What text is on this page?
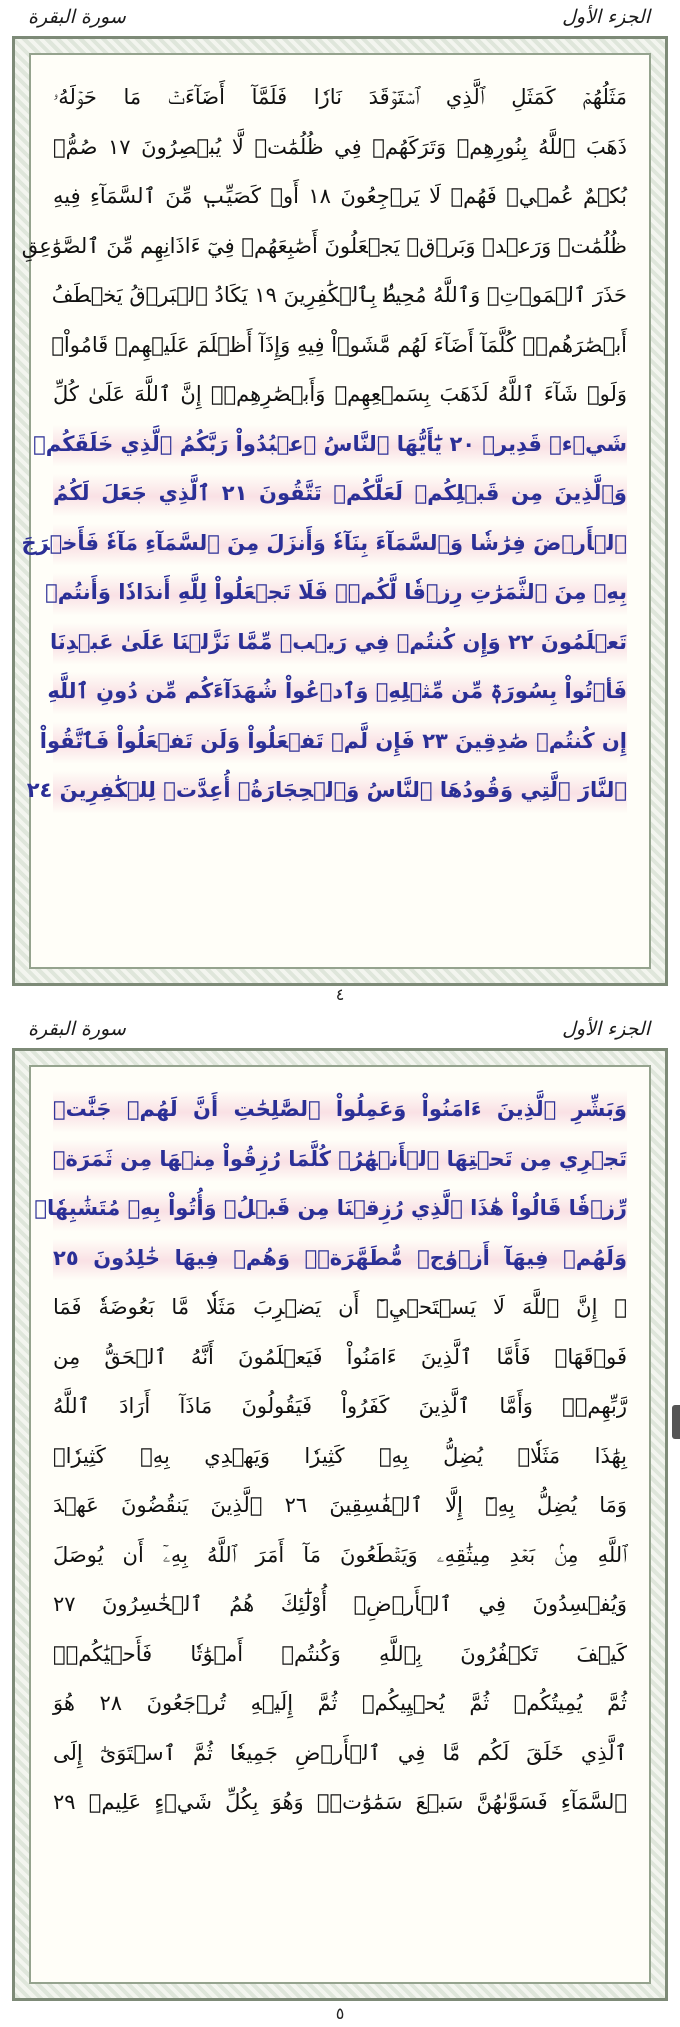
سورة البقرة	الجزء الأول
مَثَلُهُمۡ كَمَثَلِ ٱلَّذِي ٱسۡتَوۡقَدَ نَارٗا فَلَمَّآ أَضَآءَتۡ مَا حَوۡلَهُۥ
ذَهَبَ ٱللَّهُ بِنُورِهِمۡ وَتَرَكَهُمۡ فِي ظُلُمَٰتٖ لَّا يُبۡصِرُونَ ١٧ صُمُّۢ
بُكۡمٌ عُمۡيٞ فَهُمۡ لَا يَرۡجِعُونَ ١٨ أَوۡ كَصَيِّبٖ مِّنَ ٱلسَّمَآءِ فِيهِ
ظُلُمَٰتٞ وَرَعۡدٞ وَبَرۡقٞ يَجۡعَلُونَ أَصَٰبِعَهُمۡ فِيٓ ءَاذَانِهِم مِّنَ ٱلصَّوَٰعِقِ
حَذَرَ ٱلۡمَوۡتِۚ وَٱللَّهُ مُحِيطُۢ بِٱلۡكَٰفِرِينَ ١٩ يَكَادُ ٱلۡبَرۡقُ يَخۡطَفُ
أَبۡصَٰرَهُمۡۖ كُلَّمَآ أَضَآءَ لَهُم مَّشَوۡاْ فِيهِ وَإِذَآ أَظۡلَمَ عَلَيۡهِمۡ قَامُواْۚ
وَلَوۡ شَآءَ ٱللَّهُ لَذَهَبَ بِسَمۡعِهِمۡ وَأَبۡصَٰرِهِمۡۚ إِنَّ ٱللَّهَ عَلَىٰ كُلِّ
شَيۡءٖ قَدِيرٞ ٢٠ يَٰٓأَيُّهَا ٱلنَّاسُ ٱعۡبُدُواْ رَبَّكُمُ ٱلَّذِي خَلَقَكُمۡ
وَٱلَّذِينَ مِن قَبۡلِكُمۡ لَعَلَّكُمۡ تَتَّقُونَ ٢١ ٱلَّذِي جَعَلَ لَكُمُ
ٱلۡأَرۡضَ فِرَٰشٗا وَٱلسَّمَآءَ بِنَآءٗ وَأَنزَلَ مِنَ ٱلسَّمَآءِ مَآءٗ فَأَخۡرَجَ
بِهِۦ مِنَ ٱلثَّمَرَٰتِ رِزۡقٗا لَّكُمۡۖ فَلَا تَجۡعَلُواْ لِلَّهِ أَندَادٗا وَأَنتُمۡ
تَعۡلَمُونَ ٢٢ وَإِن كُنتُمۡ فِي رَيۡبٖ مِّمَّا نَزَّلۡنَا عَلَىٰ عَبۡدِنَا
فَأۡتُواْ بِسُورَةٖ مِّن مِّثۡلِهِۦ وَٱدۡعُواْ شُهَدَآءَكُم مِّن دُونِ ٱللَّهِ
إِن كُنتُمۡ صَٰدِقِينَ ٢٣ فَإِن لَّمۡ تَفۡعَلُواْ وَلَن تَفۡعَلُواْ فَٱتَّقُواْ
ٱلنَّارَ ٱلَّتِي وَقُودُهَا ٱلنَّاسُ وَٱلۡحِجَارَةُۖ أُعِدَّتۡ لِلۡكَٰفِرِينَ ٢٤
٤
سورة البقرة	الجزء الأول
وَبَشِّرِ ٱلَّذِينَ ءَامَنُواْ وَعَمِلُواْ ٱلصَّٰلِحَٰتِ أَنَّ لَهُمۡ جَنَّٰتٖ
تَجۡرِي مِن تَحۡتِهَا ٱلۡأَنۡهَٰرُۖ كُلَّمَا رُزِقُواْ مِنۡهَا مِن ثَمَرَةٖ
رِّزۡقٗا قَالُواْ هَٰذَا ٱلَّذِي رُزِقۡنَا مِن قَبۡلُۖ وَأُتُواْ بِهِۦ مُتَشَٰبِهٗاۖ
وَلَهُمۡ فِيهَآ أَزۡوَٰجٞ مُّطَهَّرَةٞۖ وَهُمۡ فِيهَا خَٰلِدُونَ ٢٥
۞ إِنَّ ٱللَّهَ لَا يَسۡتَحۡيِۦٓ أَن يَضۡرِبَ مَثَلٗا مَّا بَعُوضَةٗ فَمَا
فَوۡقَهَاۚ فَأَمَّا ٱلَّذِينَ ءَامَنُواْ فَيَعۡلَمُونَ أَنَّهُ ٱلۡحَقُّ مِن
رَّبِّهِمۡۖ وَأَمَّا ٱلَّذِينَ كَفَرُواْ فَيَقُولُونَ مَاذَآ أَرَادَ ٱللَّهُ
بِهَٰذَا مَثَلٗاۘ يُضِلُّ بِهِۦ كَثِيرٗا وَيَهۡدِي بِهِۦ كَثِيرٗاۚ
وَمَا يُضِلُّ بِهِۦٓ إِلَّا ٱلۡفَٰسِقِينَ ٢٦ ٱلَّذِينَ يَنقُضُونَ عَهۡدَ
ٱللَّهِ مِنۢ بَعۡدِ مِيثَٰقِهِۦ وَيَقۡطَعُونَ مَآ أَمَرَ ٱللَّهُ بِهِۦٓ أَن يُوصَلَ
وَيُفۡسِدُونَ فِي ٱلۡأَرۡضِۚ أُوْلَٰٓئِكَ هُمُ ٱلۡخَٰسِرُونَ ٢٧
كَيۡفَ تَكۡفُرُونَ بِٱللَّهِ وَكُنتُمۡ أَمۡوَٰتٗا فَأَحۡيَٰكُمۡۖ
ثُمَّ يُمِيتُكُمۡ ثُمَّ يُحۡيِيكُمۡ ثُمَّ إِلَيۡهِ تُرۡجَعُونَ ٢٨ هُوَ
ٱلَّذِي خَلَقَ لَكُم مَّا فِي ٱلۡأَرۡضِ جَمِيعٗا ثُمَّ ٱسۡتَوَىٰٓ إِلَى
ٱلسَّمَآءِ فَسَوَّىٰهُنَّ سَبۡعَ سَمَٰوَٰتٖۚ وَهُوَ بِكُلِّ شَيۡءٍ عَلِيمٞ ٢٩
٥
